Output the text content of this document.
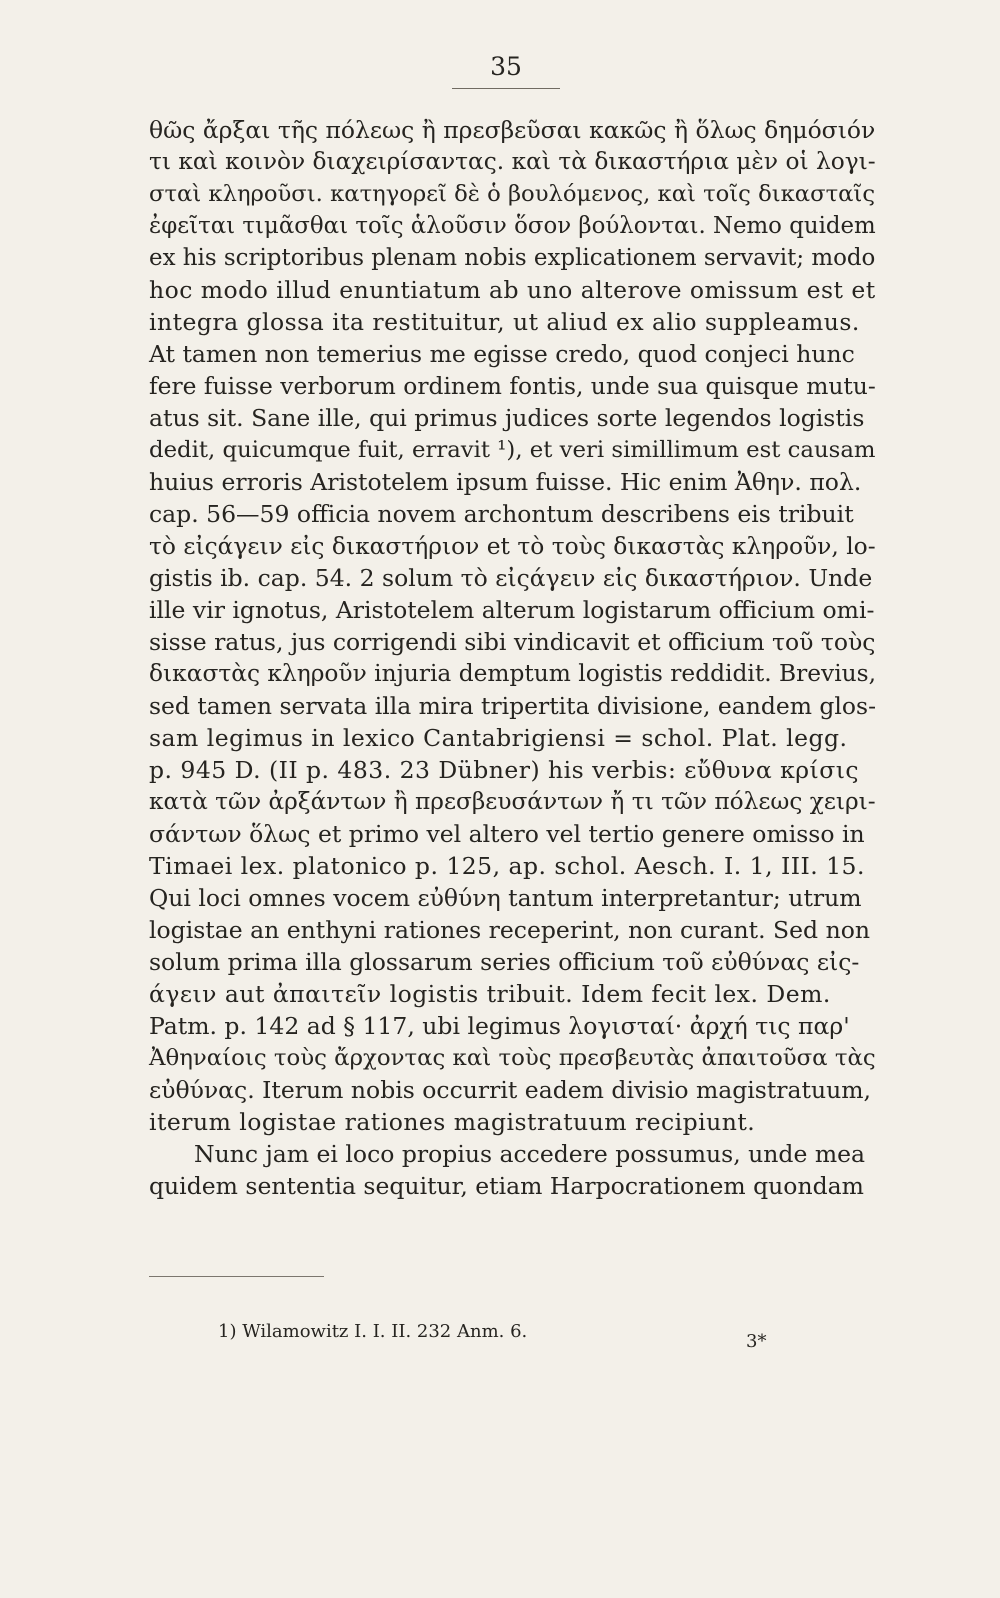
35
θῶς ἄρξαι τῆς πόλεως ἢ πρεσβεῦσαι κακῶς ἢ ὅλως δημόσιόν
τι καὶ κοινὸν διαχειρίσαντας. καὶ τὰ δικαστήρια μὲν οἱ λογι-
σταὶ κληροῦσι. κατηγορεῖ δὲ ὁ βουλόμενος, καὶ τοῖς δικασταῖς
ἐφεῖται τιμᾶσθαι τοῖς ἁλοῦσιν ὅσον βούλονται. Nemo quidem
ex his scriptoribus plenam nobis explicationem servavit; modo
hoc modo illud enuntiatum ab uno alterove omissum est et
integra glossa ita restituitur, ut aliud ex alio suppleamus.
At tamen non temerius me egisse credo, quod conjeci hunc
fere fuisse verborum ordinem fontis, unde sua quisque mutu-
atus sit. Sane ille, qui primus judices sorte legendos logistis
dedit, quicumque fuit, erravit ¹), et veri simillimum est causam
huius erroris Aristotelem ipsum fuisse. Hic enim Ἀθην. πολ.
cap. 56—59 officia novem archontum describens eis tribuit
τὸ εἰςάγειν εἰς δικαστήριον et τὸ τοὺς δικαστὰς κληροῦν, lo-
gistis ib. cap. 54. 2 solum τὸ εἰςάγειν εἰς δικαστήριον. Unde
ille vir ignotus, Aristotelem alterum logistarum officium omi-
sisse ratus, jus corrigendi sibi vindicavit et officium τοῦ τοὺς
δικαστὰς κληροῦν injuria demptum logistis reddidit. Brevius,
sed tamen servata illa mira tripertita divisione, eandem glos-
sam legimus in lexico Cantabrigiensi = schol. Plat. legg.
p. 945 D. (II p. 483. 23 Dübner) his verbis: εὔθυνα κρίσις
κατὰ τῶν ἀρξάντων ἢ πρεσβευσάντων ἤ τι τῶν πόλεως χειρι-
σάντων ὅλως et primo vel altero vel tertio genere omisso in
Timaei lex. platonico p. 125, ap. schol. Aesch. I. 1, III. 15.
Qui loci omnes vocem εὐθύνη tantum interpretantur; utrum
logistae an enthyni rationes receperint, non curant. Sed non
solum prima illa glossarum series officium τοῦ εὐθύνας εἰς-
άγειν aut ἀπαιτεῖν logistis tribuit. Idem fecit lex. Dem.
Patm. p. 142 ad § 117, ubi legimus λογισταί· ἀρχή τις παρ'
Ἀθηναίοις τοὺς ἄρχοντας καὶ τοὺς πρεσβευτὰς ἀπαιτοῦσα τὰς
εὐθύνας. Iterum nobis occurrit eadem divisio magistratuum,
iterum logistae rationes magistratuum recipiunt.
Nunc jam ei loco propius accedere possumus, unde mea
quidem sententia sequitur, etiam Harpocrationem quondam
1) Wilamowitz I. I. II. 232 Anm. 6.	3*
